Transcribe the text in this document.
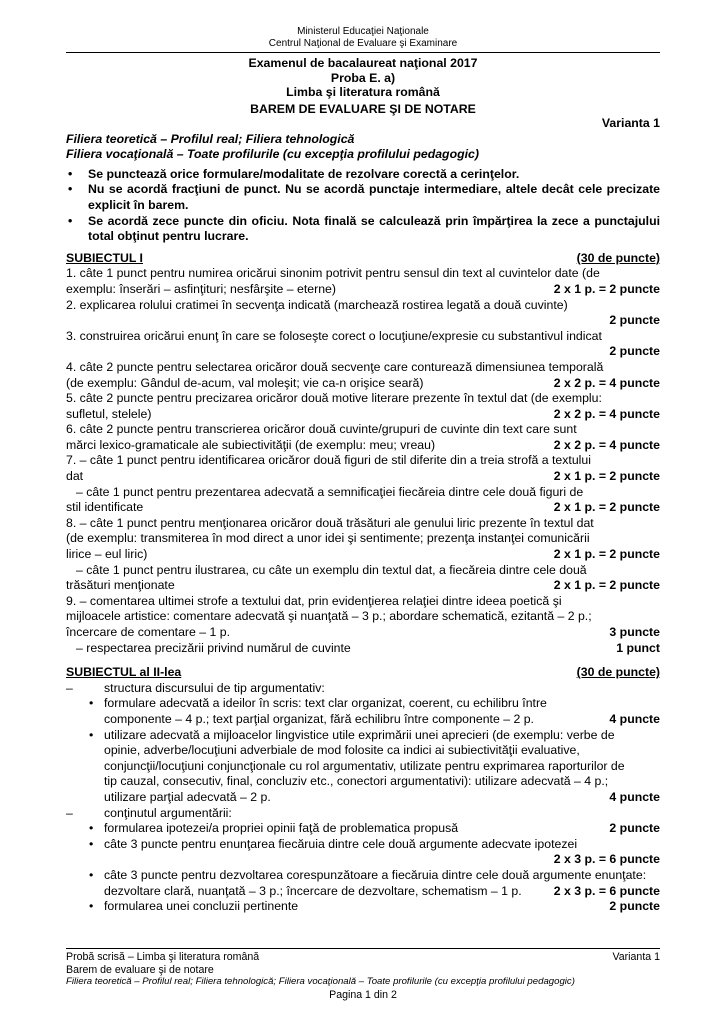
Ministerul Educaţiei Naţionale
Centrul Naţional de Evaluare şi Examinare
Examenul de bacalaureat naţional 2017
Proba E. a)
Limba şi literatura română
BAREM DE EVALUARE ŞI DE NOTARE
Varianta 1
Filiera teoretică – Profilul real; Filiera tehnologică
Filiera vocaţională – Toate profilurile (cu excepţia profilului pedagogic)
• Se punctează orice formulare/modalitate de rezolvare corectă a cerinţelor.
• Nu se acordă fracţiuni de punct. Nu se acordă punctaje intermediare, altele decât cele precizate explicit în barem.
• Se acordă zece puncte din oficiu. Nota finală se calculează prin împărţirea la zece a punctajului total obţinut pentru lucrare.
SUBIECTUL I	(30 de puncte)
1. câte 1 punct pentru numirea oricărui sinonim potrivit pentru sensul din text al cuvintelor date (de
exemplu: înserări – asfinţituri; nesfârşite – eterne)	2 x 1 p. = 2 puncte
2. explicarea rolului cratimei în secvenţa indicată (marchează rostirea legată a două cuvinte)
2 puncte
3. construirea oricărui enunţ în care se foloseşte corect o locuţiune/expresie cu substantivul indicat
2 puncte
4. câte 2 puncte pentru selectarea oricăror două secvenţe care conturează dimensiunea temporală
(de exemplu: Gândul de-acum, val moleşit; vie ca-n orişice seară)	2 x 2 p. = 4 puncte
5. câte 2 puncte pentru precizarea oricăror două motive literare prezente în textul dat (de exemplu:
sufletul, stelele)	2 x 2 p. = 4 puncte
6. câte 2 puncte pentru transcrierea oricăror două cuvinte/grupuri de cuvinte din text care sunt
mărci lexico-gramaticale ale subiectivităţii (de exemplu: meu; vreau)	2 x 2 p. = 4 puncte
7. – câte 1 punct pentru identificarea oricăror două figuri de stil diferite din a treia strofă a textului
dat	2 x 1 p. = 2 puncte
– câte 1 punct pentru prezentarea adecvată a semnificaţiei fiecăreia dintre cele două figuri de
stil identificate	2 x 1 p. = 2 puncte
8. – câte 1 punct pentru menţionarea oricăror două trăsături ale genului liric prezente în textul dat
(de exemplu: transmiterea în mod direct a unor idei şi sentimente; prezenţa instanţei comunicării
lirice – eul liric)	2 x 1 p. = 2 puncte
– câte 1 punct pentru ilustrarea, cu câte un exemplu din textul dat, a fiecăreia dintre cele două
trăsături menţionate	2 x 1 p. = 2 puncte
9. – comentarea ultimei strofe a textului dat, prin evidenţierea relaţiei dintre ideea poetică şi
mijloacele artistice: comentare adecvată şi nuanţată – 3 p.; abordare schematică, ezitantă – 2 p.;
încercare de comentare – 1 p.	3 puncte
– respectarea precizării privind numărul de cuvinte	1 punct
SUBIECTUL al II-lea	(30 de puncte)
–	structura discursului de tip argumentativ:
• formulare adecvată a ideilor în scris: text clar organizat, coerent, cu echilibru între
componente – 4 p.; text parţial organizat, fără echilibru între componente – 2 p.	4 puncte
• utilizare adecvată a mijloacelor lingvistice utile exprimării unei aprecieri (de exemplu: verbe de
opinie, adverbe/locuţiuni adverbiale de mod folosite ca indici ai subiectivităţii evaluative,
conjuncţii/locuţiuni conjuncţionale cu rol argumentativ, utilizate pentru exprimarea raporturilor de
tip cauzal, consecutiv, final, concluziv etc., conectori argumentativi): utilizare adecvată – 4 p.;
utilizare parţial adecvată – 2 p.	4 puncte
–	conţinutul argumentării:
• formularea ipotezei/a propriei opinii faţă de problematica propusă	2 puncte
• câte 3 puncte pentru enunţarea fiecăruia dintre cele două argumente adecvate ipotezei
2 x 3 p. = 6 puncte
• câte 3 puncte pentru dezvoltarea corespunzătoare a fiecăruia dintre cele două argumente enunţate:
dezvoltare clară, nuanţată – 3 p.; încercare de dezvoltare, schematism – 1 p.	2 x 3 p. = 6 puncte
• formularea unei concluzii pertinente	2 puncte
Probă scrisă – Limba şi literatura română	Varianta 1
Barem de evaluare şi de notare
Filiera teoretică – Profilul real; Filiera tehnologică; Filiera vocaţională – Toate profilurile (cu excepţia profilului pedagogic)
Pagina 1 din 2
